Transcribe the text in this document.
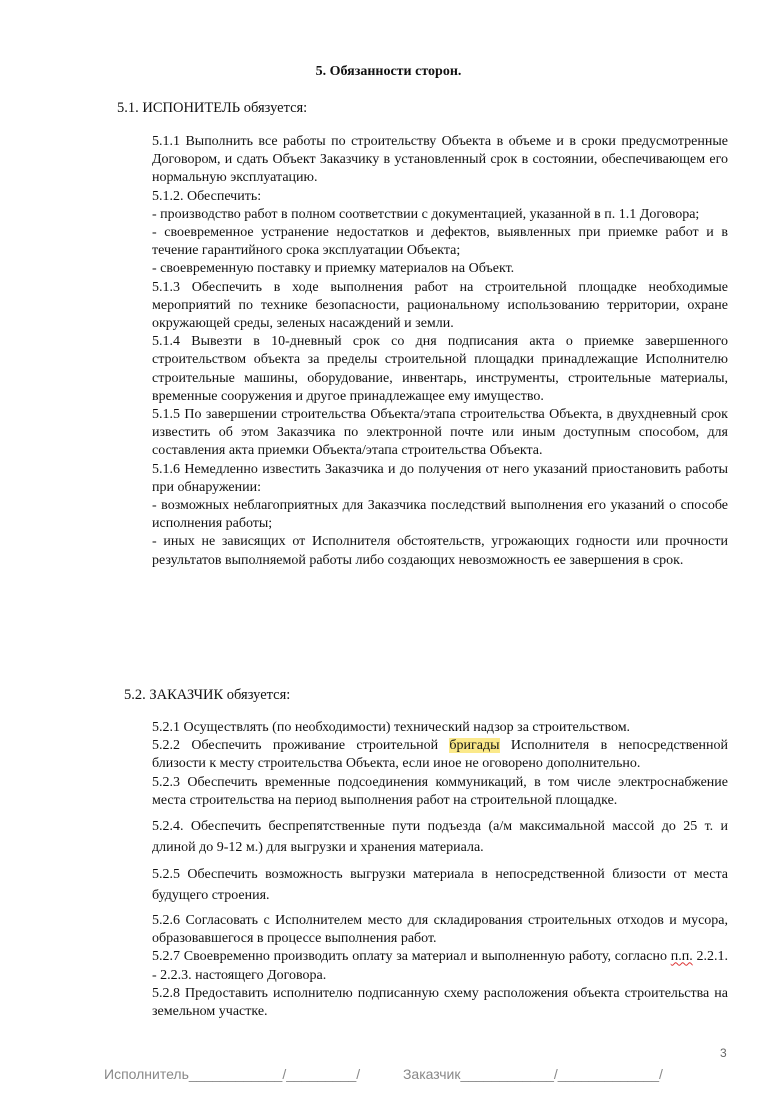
5. Обязанности сторон.
5.1. ИСПОНИТЕЛЬ обязуется:

5.1.1 Выполнить все работы по строительству Объекта в объеме и в сроки предусмотренные Договором, и сдать Объект Заказчику в установленный срок в состоянии, обеспечивающем его нормальную эксплуатацию.

5.1.2. Обеспечить:

- производство работ в полном соответствии с документацией, указанной в п. 1.1 Договора;

- своевременное устранение недостатков и дефектов, выявленных при приемке работ и в течение гарантийного срока эксплуатации Объекта;

- своевременную поставку и приемку материалов на Объект.

5.1.3 Обеспечить в ходе выполнения работ на строительной площадке необходимые мероприятий по технике безопасности, рациональному использованию территории, охране окружающей среды, зеленых насаждений и земли.

5.1.4 Вывезти в 10-дневный срок со дня подписания акта о приемке завершенного строительством объекта за пределы строительной площадки принадлежащие Исполнителю строительные машины, оборудование, инвентарь, инструменты, строительные материалы, временные сооружения и другое принадлежащее ему имущество.

5.1.5 По завершении строительства Объекта/этапа строительства Объекта, в двухдневный срок известить об этом Заказчика по электронной почте или иным доступным способом, для составления акта приемки Объекта/этапа строительства Объекта.

5.1.6 Немедленно известить Заказчика и до получения от него указаний приостановить работы при обнаружении:

- возможных неблагоприятных для Заказчика последствий выполнения его указаний о способе исполнения работы;

- иных не зависящих от Исполнителя обстоятельств, угрожающих годности или прочности результатов выполняемой работы либо создающих невозможность ее завершения в срок.

5.2. ЗАКАЗЧИК обязуется:

5.2.1 Осуществлять (по необходимости) технический надзор за строительством.

5.2.2 Обеспечить проживание строительной бригады Исполнителя в непосредственной близости к месту строительства Объекта, если иное не оговорено дополнительно.

5.2.3 Обеспечить временные подсоединения коммуникаций, в том числе электроснабжение места строительства на период выполнения работ на строительной площадке.

5.2.4. Обеспечить беспрепятственные пути подъезда (а/м максимальной массой до 25 т. и длиной до 9-12 м.) для выгрузки и хранения материала.

5.2.5 Обеспечить возможность выгрузки материала в непосредственной близости от места будущего строения.

5.2.6 Согласовать с Исполнителем место для складирования строительных отходов и мусора, образовавшегося в процессе выполнения работ.

5.2.7 Своевременно производить оплату за материал и выполненную работу, согласно п.п. 2.2.1. - 2.2.3. настоящего Договора.

5.2.8 Предоставить исполнителю подписанную схему расположения объекта строительства на земельном участке.

3
Исполнитель____________/_________/           Заказчик____________/_____________/
